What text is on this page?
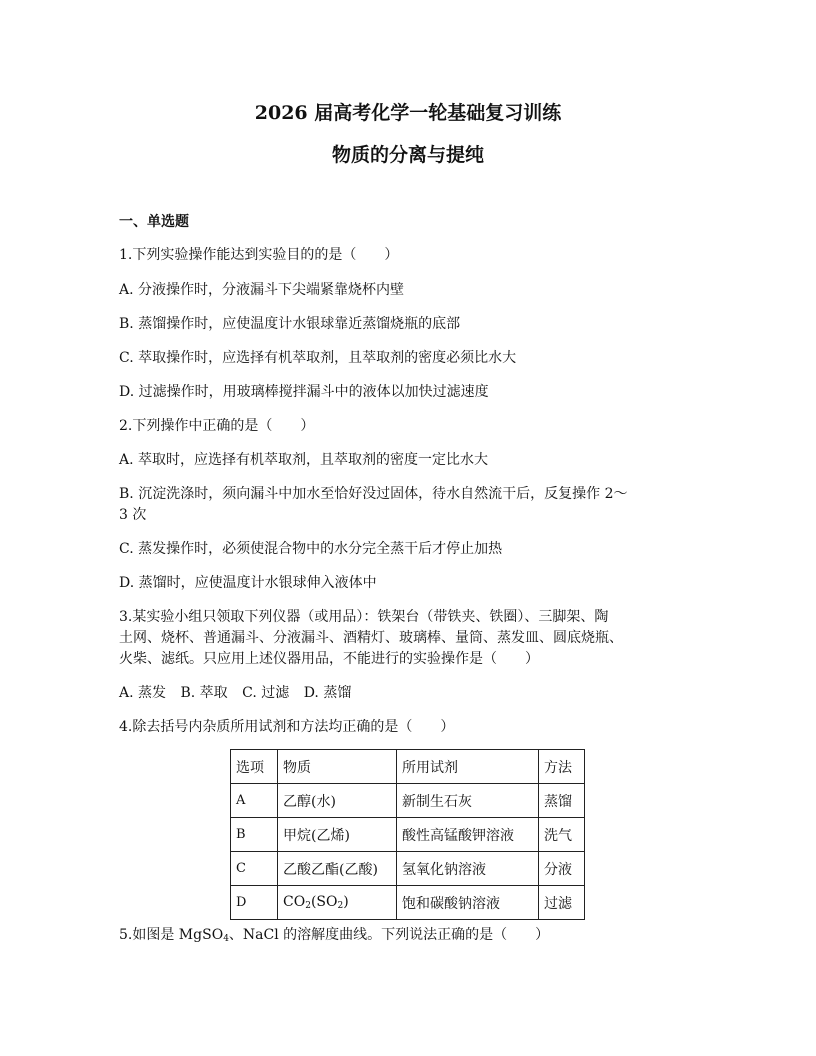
2026 届高考化学一轮基础复习训练
物质的分离与提纯
一、单选题
1.下列实验操作能达到实验目的的是（　　）
A. 分液操作时，分液漏斗下尖端紧靠烧杯内壁
B. 蒸馏操作时，应使温度计水银球靠近蒸馏烧瓶的底部
C. 萃取操作时，应选择有机萃取剂，且萃取剂的密度必须比水大
D. 过滤操作时，用玻璃棒搅拌漏斗中的液体以加快过滤速度
2.下列操作中正确的是（　　）
A. 萃取时，应选择有机萃取剂，且萃取剂的密度一定比水大
B. 沉淀洗涤时，须向漏斗中加水至恰好没过固体，待水自然流干后，反复操作 2～
3 次
C. 蒸发操作时，必须使混合物中的水分完全蒸干后才停止加热
D. 蒸馏时，应使温度计水银球伸入液体中
3.某实验小组只领取下列仪器（或用品）：铁架台（带铁夹、铁圈）、三脚架、陶
土网、烧杯、普通漏斗、分液漏斗、酒精灯、玻璃棒、量筒、蒸发皿、圆底烧瓶、
火柴、滤纸。只应用上述仪器用品，不能进行的实验操作是（　　）
A. 蒸发 B. 萃取 C. 过滤 D. 蒸馏
4.除去括号内杂质所用试剂和方法均正确的是（　　）
选项	物质	所用试剂	方法
A	乙醇(水)	新制生石灰	蒸馏
B	甲烷(乙烯)	酸性高锰酸钾溶液	洗气
C	乙酸乙酯(乙酸)	氢氧化钠溶液	分液
D	$CO_2(SO_2)$	饱和碳酸钠溶液	过滤
5.如图是 MgSO$_4$、NaCl 的溶解度曲线。下列说法正确的是（　　）
